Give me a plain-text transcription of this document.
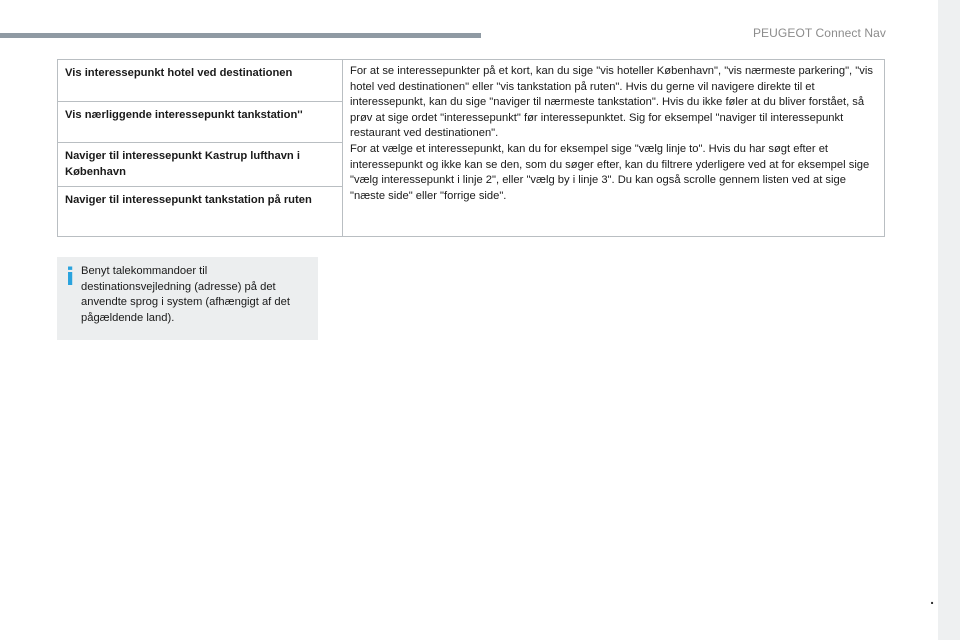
PEUGEOT Connect Nav
.
Vis interessepunkt hotel ved destinationen	For at se interessepunkter på et kort, kan du sige "vis hoteller København", "vis nærmeste parkering", "vis hotel ved destinationen" eller "vis tankstation på ruten". Hvis du gerne vil navigere direkte til et interessepunkt, kan du sige "naviger til nærmeste tankstation". Hvis du ikke føler at du bliver forstået, så prøv at sige ordet "interessepunkt" før interessepunktet. Sig for eksempel "naviger til interessepunkt restaurant ved destinationen".

For at vælge et interessepunkt, kan du for eksempel sige "vælg linje to". Hvis du har søgt efter et interessepunkt og ikke kan se den, som du søger efter, kan du filtrere yderligere ved at for eksempel sige "vælg interessepunkt i linje 2", eller "vælg by i linje 3". Du kan også scrolle gennem listen ved at sige "næste side" eller "forrige side".

Vis nærliggende interessepunkt tankstation''
Naviger til interessepunkt Kastrup lufthavn i København
Naviger til interessepunkt tankstation på ruten
i Benyt talekommandoer til destinationsvejledning (adresse) på det anvendte sprog i system (afhængigt af det pågældende land).
